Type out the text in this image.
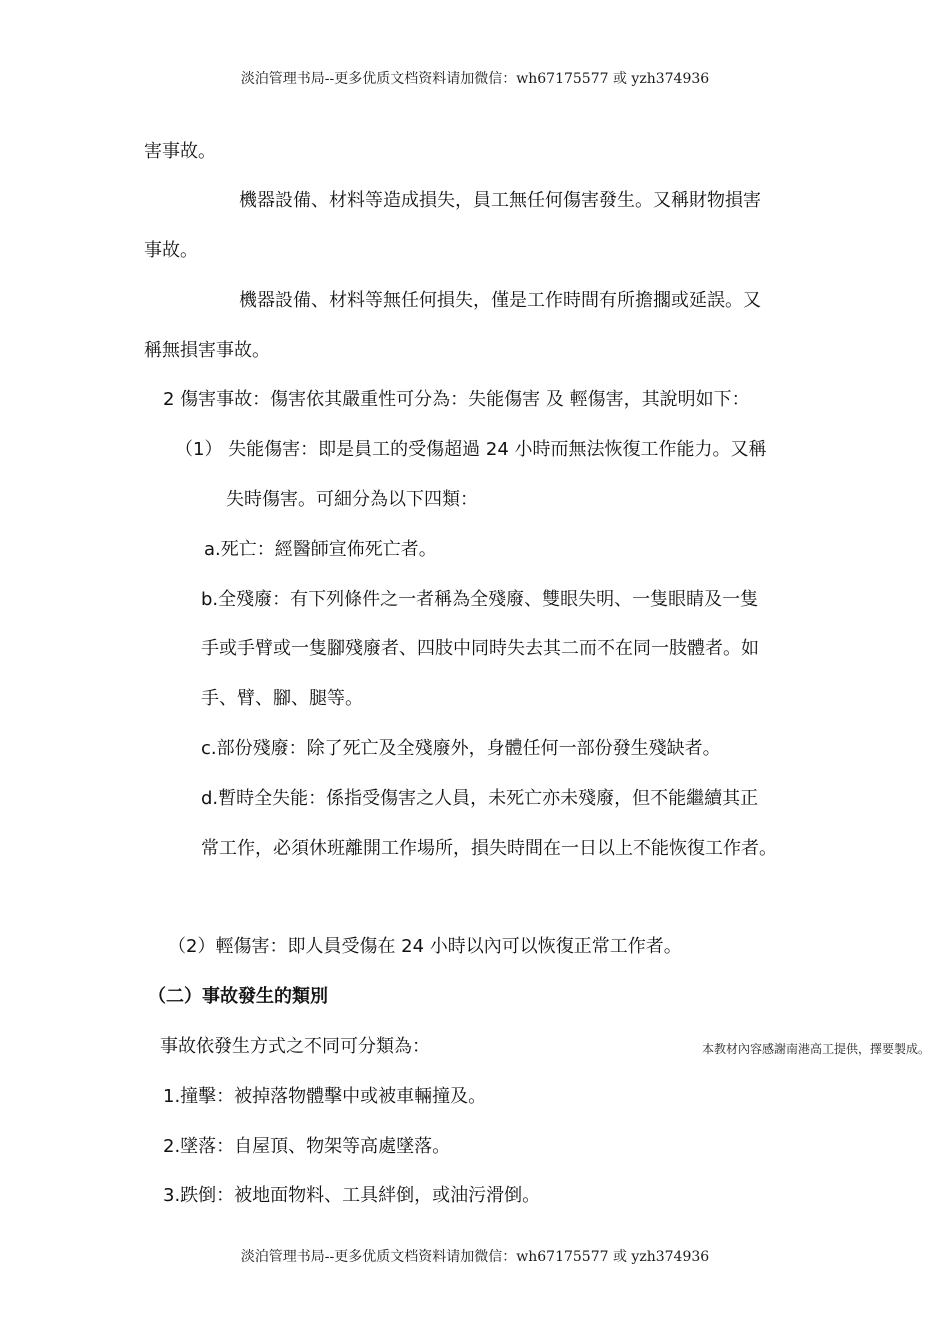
淡泊管理书局--更多优质文档资料请加微信：wh67175577 或 yzh374936
害事故。
機器設備、材料等造成損失，員工無任何傷害發生。又稱財物損害
事故。
機器設備、材料等無任何損失，僅是工作時間有所擔擱或延誤。又
稱無損害事故。
2 傷害事故：傷害依其嚴重性可分為：失能傷害 及 輕傷害，其說明如下：
（1） 失能傷害：即是員工的受傷超過 24 小時而無法恢復工作能力。又稱
失時傷害。可細分為以下四類：
a.死亡：經醫師宣佈死亡者。
b.全殘廢：有下列條件之一者稱為全殘廢、雙眼失明、一隻眼睛及一隻
手或手臂或一隻腳殘廢者、四肢中同時失去其二而不在同一肢體者。如
手、臂、腳、腿等。
c.部份殘廢：除了死亡及全殘廢外，身體任何一部份發生殘缺者。
d.暫時全失能：係指受傷害之人員，未死亡亦未殘廢，但不能繼續其正
常工作，必須休班離開工作場所，損失時間在一日以上不能恢復工作者。
（2）輕傷害：即人員受傷在 24 小時以內可以恢復正常工作者。
（二）事故發生的類別
事故依發生方式之不同可分類為：
1.撞擊：被掉落物體擊中或被車輛撞及。
2.墜落：自屋頂、物架等高處墜落。
3.跌倒：被地面物料、工具絆倒，或油污滑倒。
本教材內容感謝南港高工提供，擇要製成。
淡泊管理书局--更多优质文档资料请加微信：wh67175577 或 yzh374936
